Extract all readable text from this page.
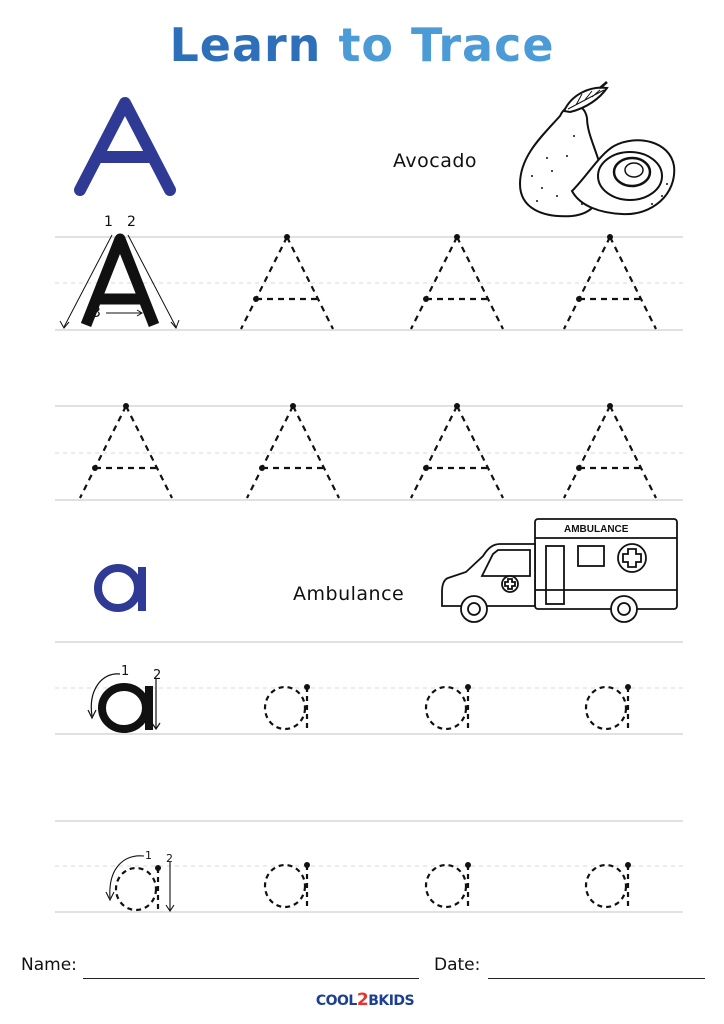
Learn to Trace
Avocado
1 2
3
Ambulance
AMBULANCE
1 2
1 2
Name:	Date:
COOL2BKIDS
